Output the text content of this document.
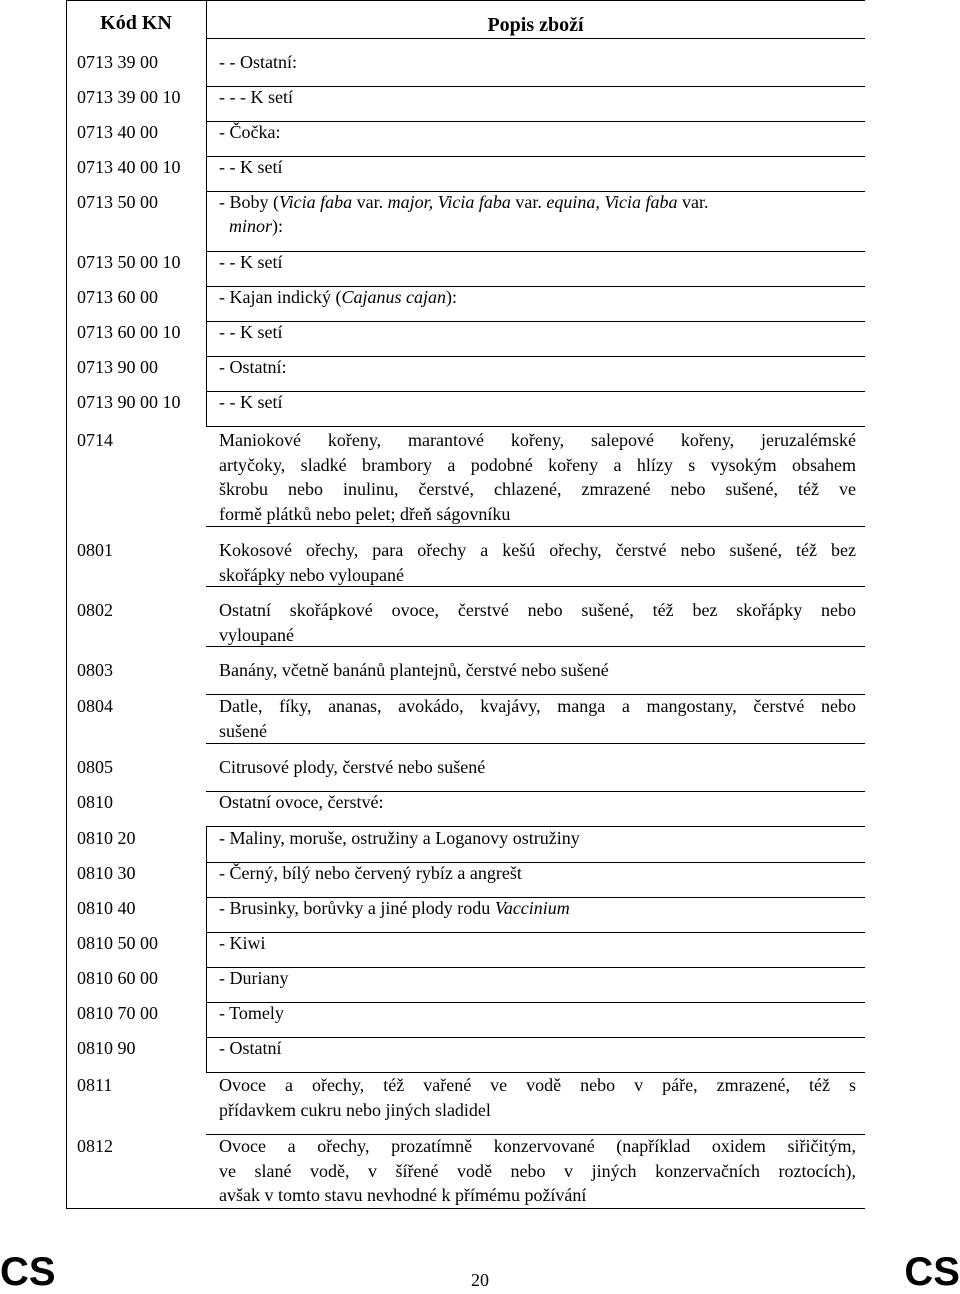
Kód KN	Popis zboží
0713 39 00	- - Ostatní:
0713 39 00 10 - - - K setí
0713 40 00	- Čočka:
0713 40 00 10 - - K setí
0713 50 00	- Boby (Vicia faba var. major, Vicia faba var. equina, Vicia faba var.
minor):
0713 50 00 10 - - K setí
0713 60 00	- Kajan indický (Cajanus cajan):
0713 60 00 10 - - K setí
0713 90 00	- Ostatní:
0713 90 00 10 - - K setí
0714	Maniokové kořeny, marantové kořeny, salepové kořeny, jeruzalémské
artyčoky, sladké brambory a podobné kořeny a hlízy s vysokým obsahem
škrobu nebo inulinu, čerstvé, chlazené, zmrazené nebo sušené, též ve
formě plátků nebo pelet; dřeň ságovníku
0801	Kokosové ořechy, para ořechy a kešú ořechy, čerstvé nebo sušené, též bez
skořápky nebo vyloupané
0802	Ostatní skořápkové ovoce, čerstvé nebo sušené, též bez skořápky nebo
vyloupané
0803	Banány, včetně banánů plantejnů, čerstvé nebo sušené
0804	Datle, fíky, ananas, avokádo, kvajávy, manga a mangostany, čerstvé nebo
sušené
0805	Citrusové plody, čerstvé nebo sušené
0810	Ostatní ovoce, čerstvé:
0810 20	- Maliny, moruše, ostružiny a Loganovy ostružiny
0810 30	- Černý, bílý nebo červený rybíz a angrešt
0810 40	- Brusinky, borůvky a jiné plody rodu Vaccinium
0810 50 00	- Kiwi
0810 60 00	- Duriany
0810 70 00	- Tomely
0810 90	- Ostatní
0811	Ovoce a ořechy, též vařené ve vodě nebo v páře, zmrazené, též s
přídavkem cukru nebo jiných sladidel
0812	Ovoce a ořechy, prozatímně konzervované (například oxidem siřičitým,
ve slané vodě, v šířené vodě nebo v jiných konzervačních roztocích),
avšak v tomto stavu nevhodné k přímému požívání
CS	20	CS
